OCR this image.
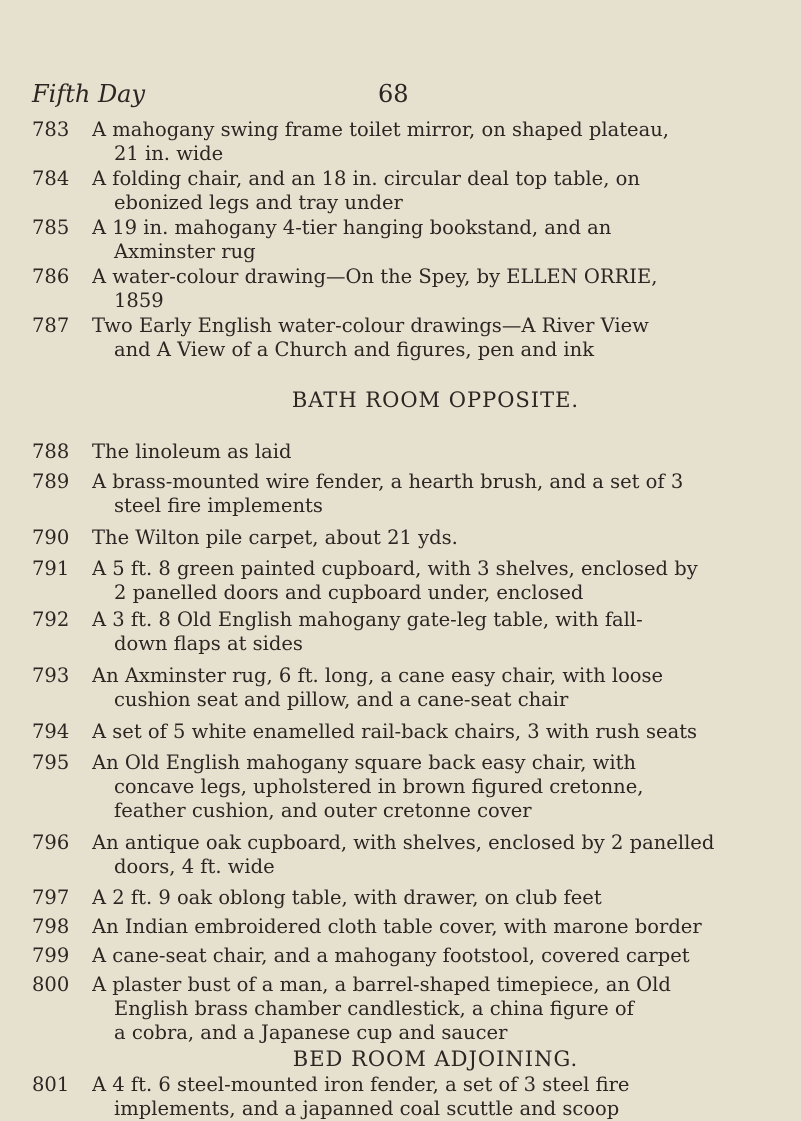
Fifth Day	68
783 A mahogany swing frame toilet mirror, on shaped plateau,
21 in. wide
784 A folding chair, and an 18 in. circular deal top table, on
ebonized legs and tray under
785 A 19 in. mahogany 4-tier hanging bookstand, and an
Axminster rug
786 A water-colour drawing—On the Spey, by ELLEN ORRIE,
1859
787 Two Early English water-colour drawings—A River View
and A View of a Church and figures, pen and ink
BATH ROOM OPPOSITE.
788 The linoleum as laid
789 A brass-mounted wire fender, a hearth brush, and a set of 3
steel fire implements
790 The Wilton pile carpet, about 21 yds.
791 A 5 ft. 8 green painted cupboard, with 3 shelves, enclosed by
2 panelled doors and cupboard under, enclosed
792 A 3 ft. 8 Old English mahogany gate-leg table, with fall-
down flaps at sides
793 An Axminster rug, 6 ft. long, a cane easy chair, with loose
cushion seat and pillow, and a cane-seat chair
794 A set of 5 white enamelled rail-back chairs, 3 with rush seats
795 An Old English mahogany square back easy chair, with
concave legs, upholstered in brown figured cretonne,
feather cushion, and outer cretonne cover
796 An antique oak cupboard, with shelves, enclosed by 2 panelled
doors, 4 ft. wide
797 A 2 ft. 9 oak oblong table, with drawer, on club feet
798 An Indian embroidered cloth table cover, with marone border
799 A cane-seat chair, and a mahogany footstool, covered carpet
800 A plaster bust of a man, a barrel-shaped timepiece, an Old
English brass chamber candlestick, a china figure of
a cobra, and a Japanese cup and saucer
BED ROOM ADJOINING.
801 A 4 ft. 6 steel-mounted iron fender, a set of 3 steel fire
implements, and a japanned coal scuttle and scoop
